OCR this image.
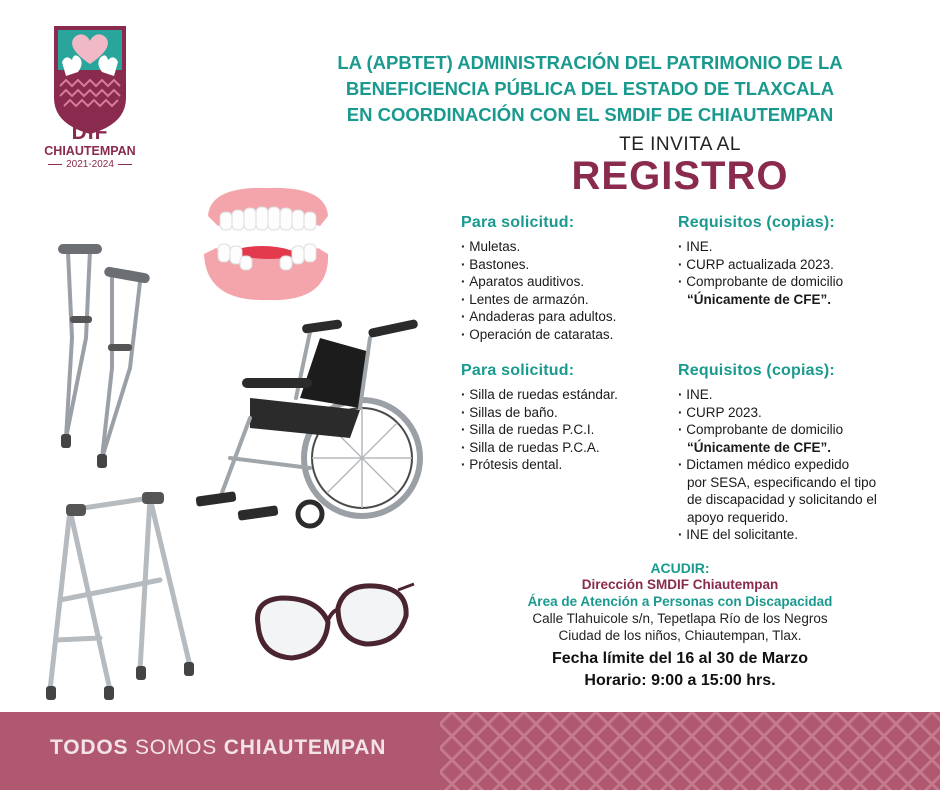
DIF
CHIAUTEMPAN
2021-2024
LA (APBTET) ADMINISTRACIÓN DEL PATRIMONIO DE LA
BENEFICIENCIA PÚBLICA DEL ESTADO DE TLAXCALA
EN COORDINACIÓN CON EL SMDIF DE CHIAUTEMPAN
TE INVITA AL
REGISTRO
Para solicitud:
· Muletas.
· Bastones.
· Aparatos auditivos.
· Lentes de armazón.
· Andaderas para adultos.
· Operación de cataratas.
Requisitos (copias):
· INE.
· CURP actualizada 2023.
· Comprobante de domicilio
“Únicamente de CFE”.
Para solicitud:
· Silla de ruedas estándar.
· Sillas de baño.
· Silla de ruedas P.C.I.
· Silla de ruedas P.C.A.
· Prótesis dental.
Requisitos (copias):
· INE.
· CURP 2023.
· Comprobante de domicilio
“Únicamente de CFE”.
· Dictamen médico expedido
por SESA, especificando el tipo
de discapacidad y solicitando el
apoyo requerido.
· INE del solicitante.
ACUDIR:
Dirección SMDIF Chiautempan
Área de Atención a Personas con Discapacidad
Calle Tlahuicole s/n, Tepetlapa Río de los Negros
Ciudad de los niños, Chiautempan, Tlax.
Fecha límite del 16 al 30 de Marzo
Horario: 9:00 a 15:00 hrs.
TODOS SOMOS CHIAUTEMPAN
